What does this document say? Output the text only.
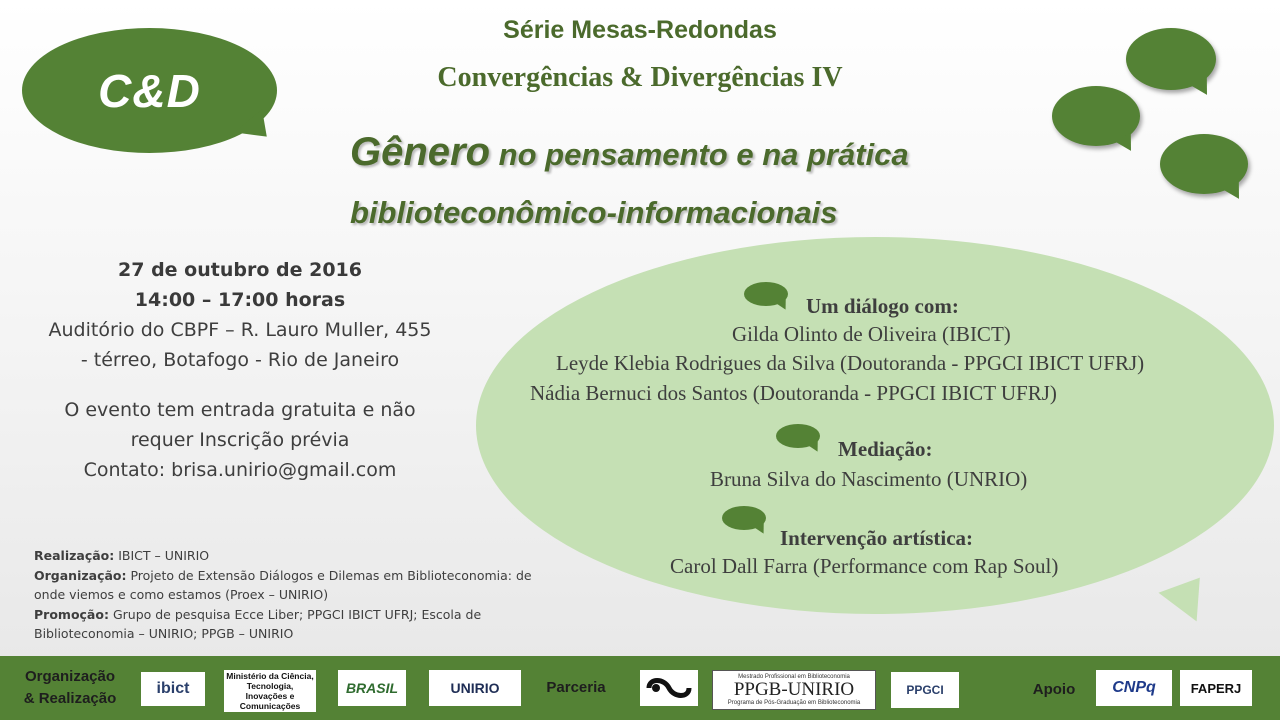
C&D
Série Mesas-Redondas
Convergências & Divergências IV
Gênero no pensamento e na prática
biblioteconômico-informacionais
27 de outubro de 2016
14:00 – 17:00 horas
Auditório do CBPF – R. Lauro Muller, 455
- térreo, Botafogo - Rio de Janeiro
O evento tem entrada gratuita e não
requer Inscrição prévia
Contato: brisa.unirio@gmail.com
Realização: IBICT – UNIRIO
Organização: Projeto de Extensão Diálogos e Dilemas em Biblioteconomia: de onde viemos e como estamos (Proex – UNIRIO)
Promoção: Grupo de pesquisa Ecce Liber; PPGCI IBICT UFRJ; Escola de Biblioteconomia – UNIRIO; PPGB – UNIRIO
Um diálogo com:
Gilda Olinto de Oliveira (IBICT)
Leyde Klebia Rodrigues da Silva (Doutoranda - PPGCI IBICT UFRJ)
Nádia Bernuci dos Santos (Doutoranda - PPGCI IBICT UFRJ)
Mediação:
Bruna Silva do Nascimento (UNRIO)
Intervenção artística:
Carol Dall Farra (Performance com Rap Soul)
Organização
& Realização
ibict
Ministério da Ciência, Tecnologia, Inovações e Comunicações
BRASIL	UNIRIO	Parceria
Mestrado Profissional em Biblioteconomia
PPGB-UNIRIO
Programa de Pós-Graduação em Biblioteconomia
PPGCI	Apoio	CNPq	FAPERJ
